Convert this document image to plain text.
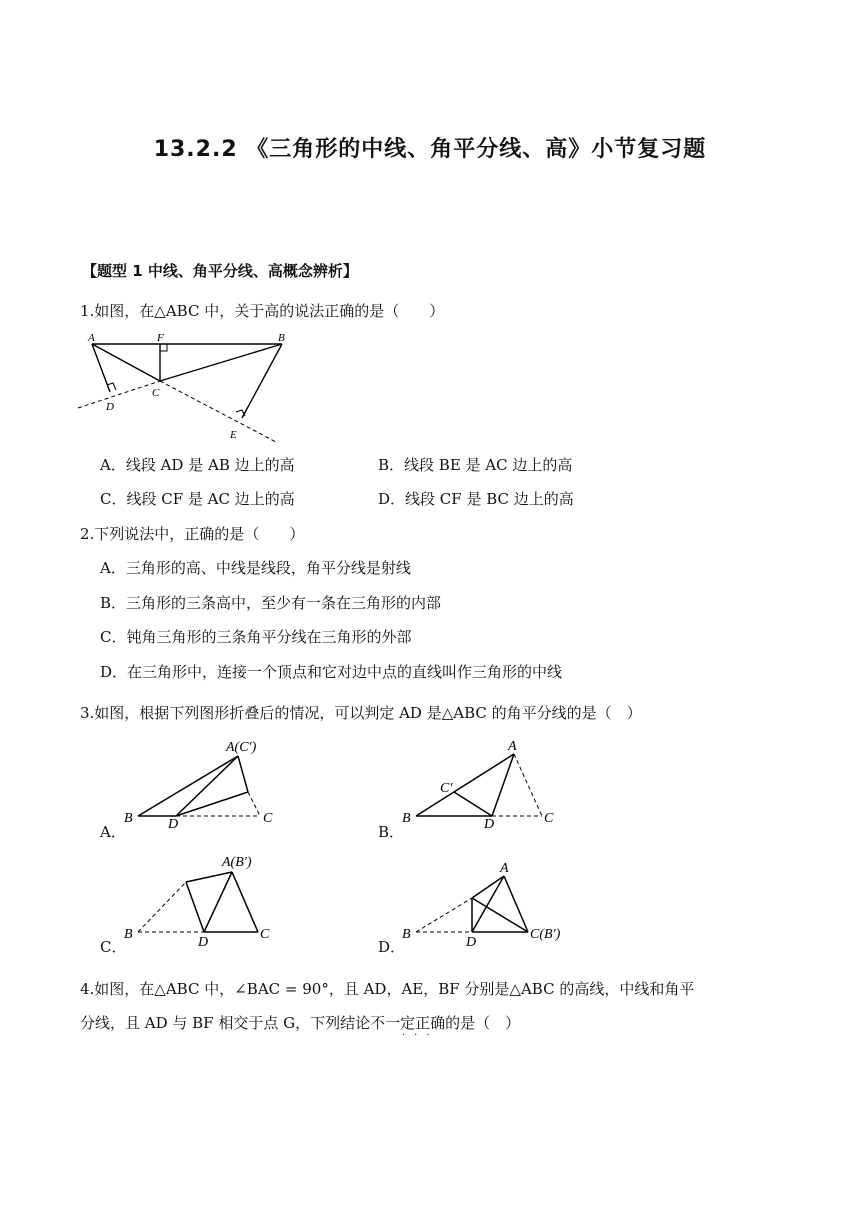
13.2.2 《三角形的中线、角平分线、高》小节复习题
【题型 1 中线、角平分线、高概念辨析】
1.如图，在△ABC 中，关于高的说法正确的是（　　）
A	F	B
C
D
E
A．线段 AD 是 AB 边上的高	B．线段 BE 是 AC 边上的高
C．线段 CF 是 AC 边上的高	D．线段 CF 是 BC 边上的高
2.下列说法中，正确的是（　　）
A．三角形的高、中线是线段，角平分线是射线
B．三角形的三条高中，至少有一条在三角形的内部
C．钝角三角形的三条角平分线在三角形的外部
D．在三角形中，连接一个顶点和它对边中点的直线叫作三角形的中线
3.如图，根据下列图形折叠后的情况，可以判定 AD 是△ABC 的角平分线的是（　）
A．
A(C′)
B	D	C
B．
A
C′
B	D	C
C．
A(B′)
B
D
C
D．
A
B
D
C(B′)
4.如图，在△ABC 中，∠BAC = 90°，且 AD，AE，BF 分别是△ABC 的高线，中线和角平
分线，且 AD 与 BF 相交于点 G，下列结论不一定正确的是（　）
·​·​·
